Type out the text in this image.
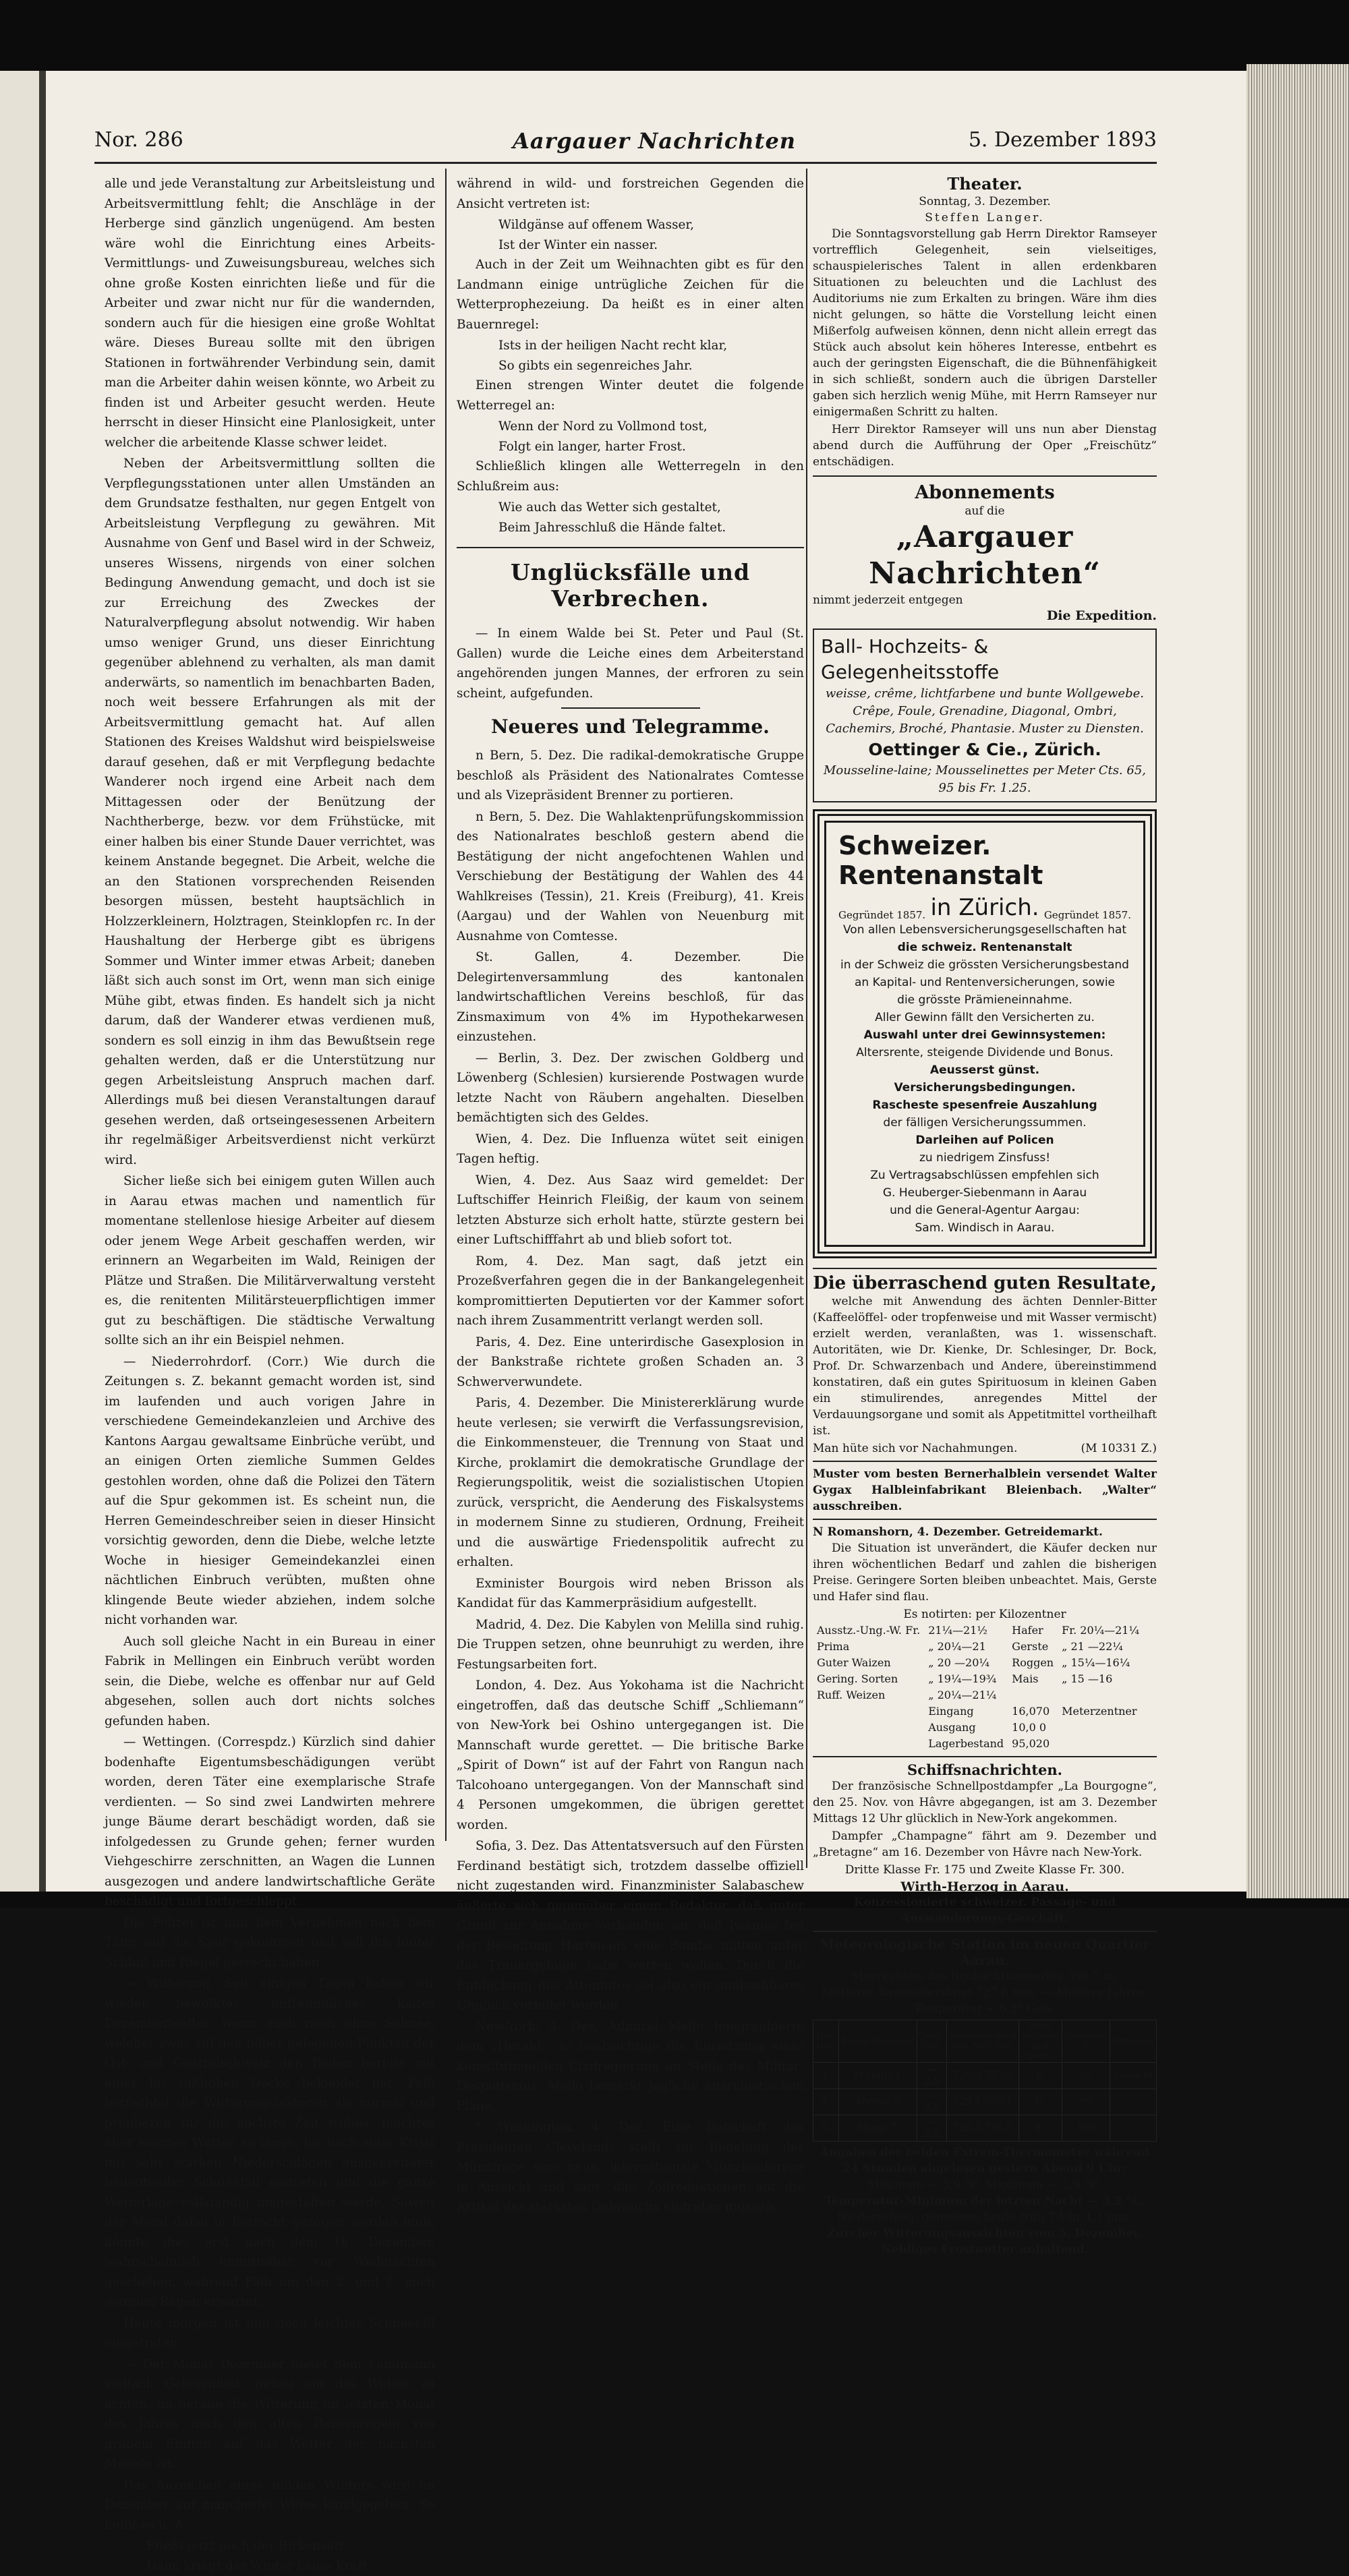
Nor. 286	Aargauer Nachrichten	5. Dezember 1893

alle und jede Veranstaltung zur Arbeitsleistung und Arbeitsvermittlung fehlt; die Anschläge in der Herberge sind gänzlich ungenügend. Am besten wäre wohl die Einrichtung eines Arbeits-Vermittlungs- und Zuweisungsbureau, welches sich ohne große Kosten einrichten ließe und für die Arbeiter und zwar nicht nur für die wandernden, sondern auch für die hiesigen eine große Wohltat wäre. Dieses Bureau sollte mit den übrigen Stationen in fortwährender Verbindung sein, damit man die Arbeiter dahin weisen könnte, wo Arbeit zu finden ist und Arbeiter gesucht werden. Heute herrscht in dieser Hinsicht eine Planlosigkeit, unter welcher die arbeitende Klasse schwer leidet.

Neben der Arbeitsvermittlung sollten die Verpflegungsstationen unter allen Umständen an dem Grundsatze festhalten, nur gegen Entgelt von Arbeitsleistung Verpflegung zu gewähren. Mit Ausnahme von Genf und Basel wird in der Schweiz, unseres Wissens, nirgends von einer solchen Bedingung Anwendung gemacht, und doch ist sie zur Erreichung des Zweckes der Naturalverpflegung absolut notwendig. Wir haben umso weniger Grund, uns dieser Einrichtung gegenüber ablehnend zu verhalten, als man damit anderwärts, so namentlich im benachbarten Baden, noch weit bessere Erfahrungen als mit der Arbeitsvermittlung gemacht hat. Auf allen Stationen des Kreises Waldshut wird beispielsweise darauf gesehen, daß er mit Verpflegung bedachte Wanderer noch irgend eine Arbeit nach dem Mittagessen oder der Benützung der Nachtherberge, bezw. vor dem Frühstücke, mit einer halben bis einer Stunde Dauer verrichtet, was keinem Anstande begegnet. Die Arbeit, welche die an den Stationen vorsprechenden Reisenden besorgen müssen, besteht hauptsächlich in Holzzerkleinern, Holztragen, Steinklopfen rc. In der Haushaltung der Herberge gibt es übrigens Sommer und Winter immer etwas Arbeit; daneben läßt sich auch sonst im Ort, wenn man sich einige Mühe gibt, etwas finden. Es handelt sich ja nicht darum, daß der Wanderer etwas verdienen muß, sondern es soll einzig in ihm das Bewußtsein rege gehalten werden, daß er die Unterstützung nur gegen Arbeitsleistung Anspruch machen darf. Allerdings muß bei diesen Veranstaltungen darauf gesehen werden, daß ortseingesessenen Arbeitern ihr regelmäßiger Arbeitsverdienst nicht verkürzt wird.

Sicher ließe sich bei einigem guten Willen auch in Aarau etwas machen und namentlich für momentane stellenlose hiesige Arbeiter auf diesem oder jenem Wege Arbeit geschaffen werden, wir erinnern an Wegarbeiten im Wald, Reinigen der Plätze und Straßen. Die Militärverwaltung versteht es, die renitenten Militärsteuerpflichtigen immer gut zu beschäftigen. Die städtische Verwaltung sollte sich an ihr ein Beispiel nehmen.

— Niederrohrdorf. (Corr.) Wie durch die Zeitungen s. Z. bekannt gemacht worden ist, sind im laufenden und auch vorigen Jahre in verschiedene Gemeindekanzleien und Archive des Kantons Aargau gewaltsame Einbrüche verübt, und an einigen Orten ziemliche Summen Geldes gestohlen worden, ohne daß die Polizei den Tätern auf die Spur gekommen ist. Es scheint nun, die Herren Gemeindeschreiber seien in dieser Hinsicht vorsichtig geworden, denn die Diebe, welche letzte Woche in hiesiger Gemeindekanzlei einen nächtlichen Einbruch verübten, mußten ohne klingende Beute wieder abziehen, indem solche nicht vorhanden war.

Auch soll gleiche Nacht in ein Bureau in einer Fabrik in Mellingen ein Einbruch verübt worden sein, die Diebe, welche es offenbar nur auf Geld abgesehen, sollen auch dort nichts solches gefunden haben.

— Wettingen. (Correspdz.) Kürzlich sind dahier bodenhafte Eigentumsbeschädigungen verübt worden, deren Täter eine exemplarische Strafe verdienten. — So sind zwei Landwirten mehrere junge Bäume derart beschädigt worden, daß sie infolgedessen zu Grunde gehen; ferner wurden Viehgeschirre zerschnitten, an Wagen die Lunnen ausgezogen und andere landwirtschaftliche Geräte beschädigt und fortgeschleppt.

Die Polizei ist nun dem Vernehmen nach dem Täter auf die Spur gekommen und soll ihn hinter Schloß und Riegel gesteckt haben.

— Witterung. Seit einigen Tagen haben wir wieder bewölktes, unfreundliches, kaltes Dezemberwetter, wenn auch noch ohne Schnee, welcher zwar auf den höher gelegenen Punkten der Ost- und Centralschweiz den Boden bereits mit einer bis fußhohen Decke bekleidet hat. Falb betrachtet die Witterungsfaktoren als normal und prophezeit für die nächste Zeit trübes, feuchtes aber warmes Wetter, so lange, bis nach einer Krisis mit sehr starken Niederschlägen ausgebreiteter bedeutender Schneefall eintreten und die ganze Wetterlage vollständig umgestalten werde. Soweit der Mond dabei in Betracht gezogen werden muß, könnte dies erst nach dem 16. Dezember, wahrscheinlich unmittelbar vor Weihnachten geschehen, während Falb um den 2. und 8. noch warmen Regen erwartet.

Heute morgen ist nun doch leichter Schneefall eingetreten.

— Der Monat Dezember bietet dem Landmann vielfach Gelegenheit, genau auf das Wetter zu achten, da gerade die Witterung im letzten Monat des Jahres nach den alten Bauernregeln von großem Einfluß auf das Wetter der nächsten Monate ist.

Das Anzeichen eines milden Winters wird im Dezember auf mancherlei Weise kundgegeben. So heißt es u. A.:

Fließt jetzt noch der Birkensaft,
Dann kriegt der Winter keine Kraft,

während in wild- und forstreichen Gegenden die Ansicht vertreten ist:

Wildgänse auf offenem Wasser,
Ist der Winter ein nasser.

Auch in der Zeit um Weihnachten gibt es für den Landmann einige untrügliche Zeichen für die Wetterprophezeiung. Da heißt es in einer alten Bauernregel:

Ists in der heiligen Nacht recht klar,
So gibts ein segenreiches Jahr.

Einen strengen Winter deutet die folgende Wetterregel an:

Wenn der Nord zu Vollmond tost,
Folgt ein langer, harter Frost.

Schließlich klingen alle Wetterregeln in den Schlußreim aus:

Wie auch das Wetter sich gestaltet,
Beim Jahresschluß die Hände faltet.
Unglücksfälle und Verbrechen.

— In einem Walde bei St. Peter und Paul (St. Gallen) wurde die Leiche eines dem Arbeiterstand angehörenden jungen Mannes, der erfroren zu sein scheint, aufgefunden.

Neueres und Telegramme.

n Bern, 5. Dez. Die radikal-demokratische Gruppe beschloß als Präsident des Nationalrates Comtesse und als Vizepräsident Brenner zu portieren.

n Bern, 5. Dez. Die Wahlaktenprüfungskommission des Nationalrates beschloß gestern abend die Bestätigung der nicht angefochtenen Wahlen und Verschiebung der Bestätigung der Wahlen des 44 Wahlkreises (Tessin), 21. Kreis (Freiburg), 41. Kreis (Aargau) und der Wahlen von Neuenburg mit Ausnahme von Comtesse.

St. Gallen, 4. Dezember. Die Delegirtenversammlung des kantonalen landwirtschaftlichen Vereins beschloß, für das Zinsmaximum von 4% im Hypothekarwesen einzustehen.

— Berlin, 3. Dez. Der zwischen Goldberg und Löwenberg (Schlesien) kursierende Postwagen wurde letzte Nacht von Räubern angehalten. Dieselben bemächtigten sich des Geldes.

Wien, 4. Dez. Die Influenza wütet seit einigen Tagen heftig.

Wien, 4. Dez. Aus Saaz wird gemeldet: Der Luftschiffer Heinrich Fleißig, der kaum von seinem letzten Absturze sich erholt hatte, stürzte gestern bei einer Luftschifffahrt ab und blieb sofort tot.

Rom, 4. Dez. Man sagt, daß jetzt ein Prozeßverfahren gegen die in der Bankangelegenheit kompromittierten Deputierten vor der Kammer sofort nach ihrem Zusammentritt verlangt werden soll.

Paris, 4. Dez. Eine unterirdische Gasexplosion in der Bankstraße richtete großen Schaden an. 3 Schwerverwundete.

Paris, 4. Dezember. Die Ministererklärung wurde heute verlesen; sie verwirft die Verfassungsrevision, die Einkommensteuer, die Trennung von Staat und Kirche, proklamirt die demokratische Grundlage der Regierungspolitik, weist die sozialistischen Utopien zurück, verspricht, die Aenderung des Fiskalsystems in modernem Sinne zu studieren, Ordnung, Freiheit und die auswärtige Friedenspolitik aufrecht zu erhalten.

Exminister Bourgois wird neben Brisson als Kandidat für das Kammerpräsidium aufgestellt.

Madrid, 4. Dez. Die Kabylen von Melilla sind ruhig. Die Truppen setzen, ohne beunruhigt zu werden, ihre Festungsarbeiten fort.

London, 4. Dez. Aus Yokohama ist die Nachricht eingetroffen, daß das deutsche Schiff „Schliemann“ von New-York bei Oshino untergegangen ist. Die Mannschaft wurde gerettet. — Die britische Barke „Spirit of Down“ ist auf der Fahrt von Rangun nach Talcohoano untergegangen. Von der Mannschaft sind 4 Personen umgekommen, die übrigen gerettet worden.

Sofia, 3. Dez. Das Attentatsversuch auf den Fürsten Ferdinand bestätigt sich, trotzdem dasselbe offiziell nicht zugestanden wird. Finanzminister Salabaschew äußerte sich gegenüber einem Redaktor, daß guter Grund zur Annahme vorhanden sei, daß Iwanow bei der Beiseitung Hartenaus eine Bombe mitten unter das Trauergefolge habe werfen wollen. Durch die Entdeckung des Attentates sei also ein unabsehbares Unglück verhütet worden.

New-York, 4. Dez. Admiral Mello telegraphierte dem „Herald“, er beabsichtige die Einsetzung einer konstitutionellen Civilregierung an Stelle des Militär-Despotismus. Mello bemerkt jegliche anarchistischen Pläne.

* Washington, 4. Dez. Eine Botschaft des Präsidenten Clevelands stellt zur Regelung der Münzfrage eine neue, internationale Münzkonferenz in Aussicht und sagt, daß Zollreduktionen auf die Artikel des stärksten Gebrauchs eintreten müssen.

Theater.
Sonntag, 3. Dezember.
Steffen Langer.

Die Sonntagsvorstellung gab Herrn Direktor Ramseyer vortrefflich Gelegenheit, sein vielseitiges, schauspielerisches Talent in allen erdenkbaren Situationen zu beleuchten und die Lachlust des Auditoriums nie zum Erkalten zu bringen. Wäre ihm dies nicht gelungen, so hätte die Vorstellung leicht einen Mißerfolg aufweisen können, denn nicht allein erregt das Stück auch absolut kein höheres Interesse, entbehrt es auch der geringsten Eigenschaft, die die Bühnenfähigkeit in sich schließt, sondern auch die übrigen Darsteller gaben sich herzlich wenig Mühe, mit Herrn Ramseyer nur einigermaßen Schritt zu halten.

Herr Direktor Ramseyer will uns nun aber Dienstag abend durch die Aufführung der Oper „Freischütz“ entschädigen.

Abonnements
auf die
„Aargauer Nachrichten“
nimmt jederzeit entgegen
Die Expedition.
Ball- Hochzeits- & Gelegenheitsstoffe
weisse, crême, lichtfarbene und bunte Wollgewebe.
Crêpe, Foule, Grenadine, Diagonal, Ombri, Cachemirs, Broché, Phantasie. Muster zu Diensten.
Oettinger & Cie., Zürich.
Mousseline-laine; Mousselinettes per Meter Cts. 65, 95 bis Fr. 1.25.
Schweizer. Rentenanstalt
Gegründet 1857. in Zürich. Gegründet 1857.
Von allen Lebensversicherungsgesellschaften hat
die schweiz. Rentenanstalt
in der Schweiz die grössten Versicherungsbestand
an Kapital- und Rentenversicherungen, sowie
die grösste Prämieneinnahme.
Aller Gewinn fällt den Versicherten zu.
Auswahl unter drei Gewinnsystemen:
Altersrente, steigende Dividende und Bonus.
Aeusserst günst. Versicherungsbedingungen.
Rascheste spesenfreie Auszahlung
der fälligen Versicherungssummen.
Darleihen auf Policen
zu niedrigem Zinsfuss!
Zu Vertragsabschlüssen empfehlen sich
G. Heuberger-Siebenmann in Aarau
und die General-Agentur Aargau:
Sam. Windisch in Aarau.
Die überraschend guten Resultate,

welche mit Anwendung des ächten Dennler-Bitter (Kaffeelöffel- oder tropfenweise und mit Wasser vermischt) erzielt werden, veranlaßten, was 1. wissenschaft. Autoritäten, wie Dr. Kienke, Dr. Schlesinger, Dr. Bock, Prof. Dr. Schwarzenbach und Andere, übereinstimmend konstatiren, daß ein gutes Spirituosum in kleinen Gaben ein stimulirendes, anregendes Mittel der Verdauungsorgane und somit als Appetitmittel vortheilhaft ist.

Man hüte sich vor Nachahmungen.	(M 10331 Z.)

Muster vom besten Bernerhalblein versendet Walter Gygax Halbleinfabrikant Bleienbach. „Walter“ ausschreiben.

N Romanshorn, 4. Dezember. Getreidemarkt.

Die Situation ist unverändert, die Käufer decken nur ihren wöchentlichen Bedarf und zahlen die bisherigen Preise. Geringere Sorten bleiben unbeachtet. Mais, Gerste und Hafer sind flau.

Es notirten: per Kilozentner
Ausstz.-Ung.-W. Fr.	21¼—21½	Hafer	Fr. 20¼—21¼
Prima	„ 20¼—21	Gerste	„ 21 —22¼
Guter Waizen	„ 20 —20¼	Roggen	„ 15¼—16¼
Gering. Sorten	„ 19¼—19¾	Mais	„ 15 —16
Ruff. Weizen	„ 20¼—21¼		
	Eingang	16,070	Meterzentner
	Ausgang	10,0 0	
	Lagerbestand	95,020	
Schiffsnachrichten.

Der französische Schnellpostdampfer „La Bourgogne“, den 25. Nov. von Hâvre abgegangen, ist am 3. Dezember Mittags 12 Uhr glücklich in New-York angekommen.

Dampfer „Champagne“ fährt am 9. Dezember und „Bretagne“ am 16. Dezember von Hâvre nach New-York.

Dritte Klasse Fr. 175 und Zweite Klasse Fr. 300.

Wirth-Herzog in Aarau.
Konzessionierte schweizer. Passage- und Auswanderungs-Geschäft.
Meteorologische Station im neuen Quartier Aarau.
Meereshöhe des Beobachtungsortes 396,7 m,
Mittlerer Barometerstand 727,8 mm. — Mittlere Jahres-
Temperatur + 8,2° Cels.
1893 Dez.	Beobachtungszeit	Temp. Cels.	Barometerstand mm. Null. Red.	Wind-Richtung und Stärke	Feuchtigk. %	Witterung
4.	Mittags 1	— 2,0	730,3 767,3	E.	85	bedeckt
4.	Abends 9	— 3,0	729,1 766,1	E.	95	„
5.	Morg. 7	— 2,5	728,5 765,5	E.	100	„
Angaben der beiden Extrem-Thermometer während 24 Stunden abgelesen gestern Abend 9 Uhr:
Minimum — 3,9 °C. Maximum — 1,9 °C.
Temperatur-Minimum der letzten Nacht — 3,2 °C.
Niederschlag, gemessen heute früh 7 Uhr 1,1 mm.
Zürcher Witterungsaussichten vom 5. Dezember.
Nebliges Frostwetter anhaltend.
